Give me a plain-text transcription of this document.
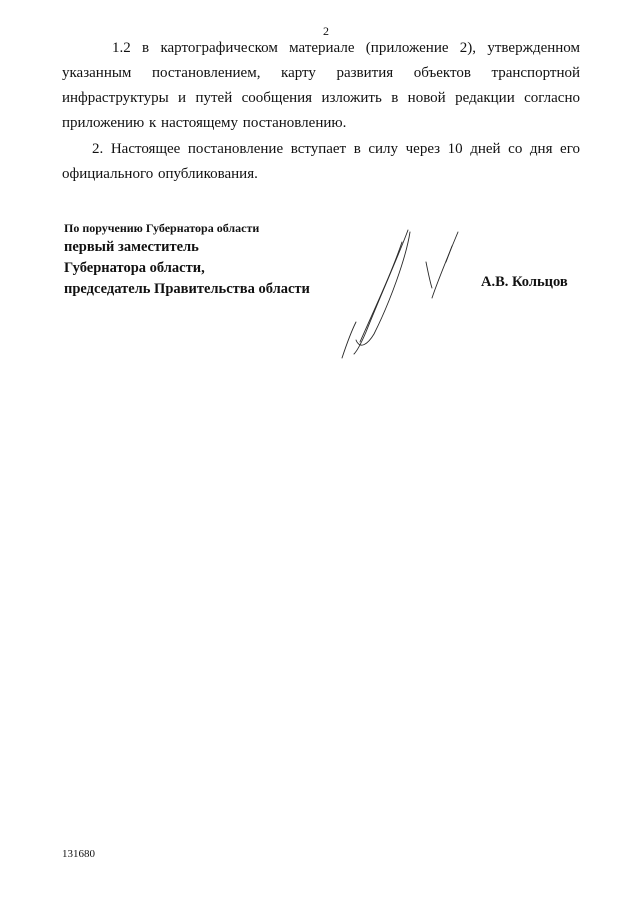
2

1.2 в картографическом материале (приложение 2), утвержденном указанным постановлением, карту развития объектов транспортной инфраструктуры и путей сообщения изложить в новой редакции согласно приложению к настоящему постановлению.

2. Настоящее постановление вступает в силу через 10 дней со дня его официального опубликования.

По поручению Губернатора области
первый заместитель
Губернатора области,
председатель Правительства области	А.В. Кольцов
131680
